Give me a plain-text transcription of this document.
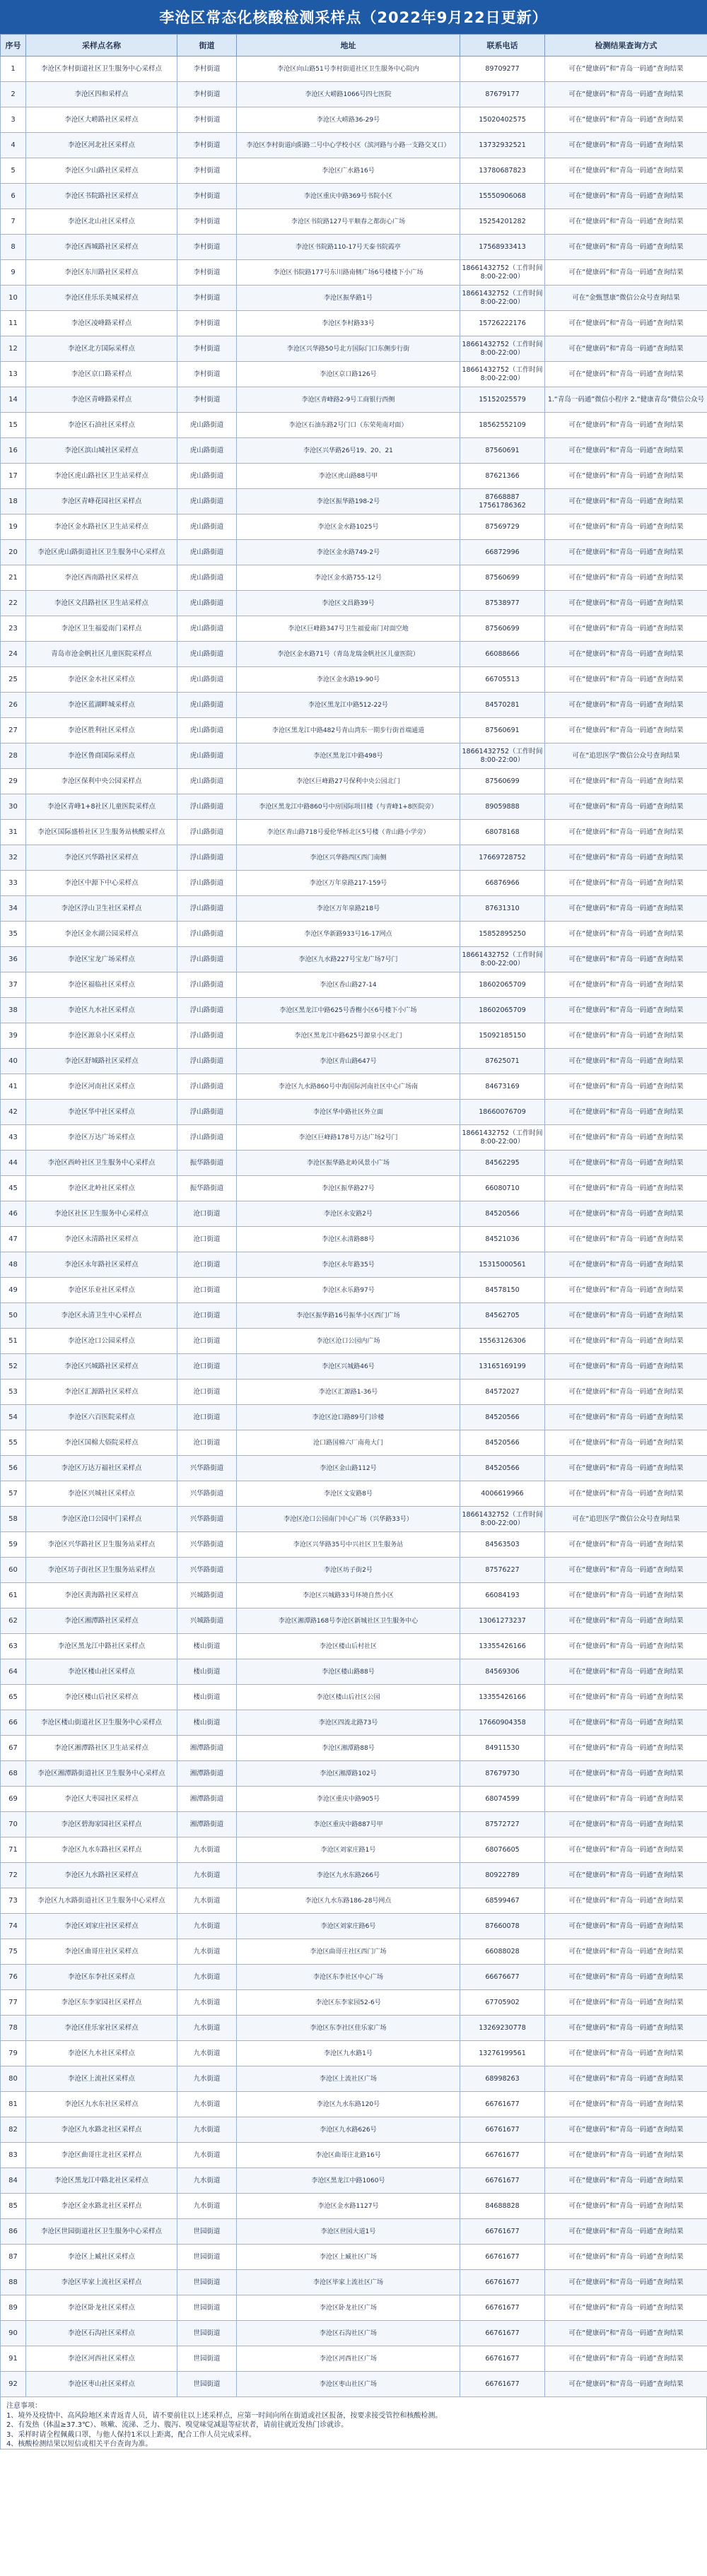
李沧区常态化核酸检测采样点（2022年9月22日更新）
序号	采样点名称	街道	地址	联系电话	检测结果查询方式
1	李沧区李村街道社区卫生服务中心采样点	李村街道	李沧区向山路51号李村街道社区卫生服务中心院内	89709277	可在“健康码”和“青岛一码通”查询结果
2	李沧区四和采样点	李村街道	李沧区大崂路1066号四七医院	87679177	可在“健康码”和“青岛一码通”查询结果
3	李沧区大崂路社区采样点	李村街道	李沧区大崂路36-29号	15020402575	可在“健康码”和“青岛一码通”查询结果
4	李沧区河北社区采样点	李村街道	李沧区李村街道向阳路二号中心学校小区（滨河路与小路一支路交叉口）	13732932521	可在“健康码”和“青岛一码通”查询结果
5	李沧区少山路社区采样点	李村街道	李沧区广水路16号	13780687823	可在“健康码”和“青岛一码通”查询结果
6	李沧区书院路社区采样点	李村街道	李沧区重庆中路369号书院小区	15550906068	可在“健康码”和“青岛一码通”查询结果
7	李沧区北山社区采样点	李村街道	李沧区书院路127号平顺春之都街心广场	15254201282	可在“健康码”和“青岛一码通”查询结果
8	李沧区西城路社区采样点	李村街道	李沧区书院路110-17号天泰书院霞亭	17568933413	可在“健康码”和“青岛一码通”查询结果
9	李沧区东川路社区采样点	李村街道	李沧区书院路177号东川路南侧广场6号楼楼下小广场	18661432752（工作时间8:00-22:00）	可在“健康码”和“青岛一码通”查询结果
10	李沧区佳乐乐美城采样点	李村街道	李沧区振华路1号	18661432752（工作时间8:00-22:00）	可在“金甄慧康”微信公众号查询结果
11	李沧区凌峰路采样点	李村街道	李沧区李村路33号	15726222176	可在“健康码”和“青岛一码通”查询结果
12	李沧区北方国际采样点	李村街道	李沧区兴华路50号北方国际门口东侧步行街	18661432752（工作时间8:00-22:00）	可在“健康码”和“青岛一码通”查询结果
13	李沧区京口路采样点	李村街道	李沧区京口路126号	18661432752（工作时间8:00-22:00）	可在“健康码”和“青岛一码通”查询结果
14	李沧区青峰路采样点	李村街道	李沧区青峰路2-9号工商银行西侧	15152025579	1.“青岛一码通”微信小程序 2.“健康青岛”微信公众号
15	李沧区石油社区采样点	虎山路街道	李沧区石油东路2号门口（东荣苑南对面）	18562552109	可在“健康码”和“青岛一码通”查询结果
16	李沧区滨山城社区采样点	虎山路街道	李沧区兴华路26号19、20、21	87560691	可在“健康码”和“青岛一码通”查询结果
17	李沧区虎山路社区卫生站采样点	虎山路街道	李沧区虎山路88号甲	87621366	可在“健康码”和“青岛一码通”查询结果
18	李沧区青峰花园社区采样点	虎山路街道	李沧区振华路198-2号	87668887 17561786362	可在“健康码”和“青岛一码通”查询结果
19	李沧区金水路社区卫生站采样点	虎山路街道	李沧区金水路1025号	87569729	可在“健康码”和“青岛一码通”查询结果
20	李沧区虎山路街道社区卫生服务中心采样点	虎山路街道	李沧区金水路749-2号	66872996	可在“健康码”和“青岛一码通”查询结果
21	李沧区西南路社区采样点	虎山路街道	李沧区金水路755-12号	87560699	可在“健康码”和“青岛一码通”查询结果
22	李沧区文昌路社区卫生站采样点	虎山路街道	李沧区文昌路39号	87538977	可在“健康码”和“青岛一码通”查询结果
23	李沧区卫生福爱南门采样点	虎山路街道	李沧区巨峰路347号卫生福爱南门对面空地	87560699	可在“健康码”和“青岛一码通”查询结果
24	青岛市沧金帆社区儿童医院采样点	虎山路街道	李沧区金水路71号（青岛龙瑞金帆社区儿童医院）	66088666	可在“健康码”和“青岛一码通”查询结果
25	李沧区金水社区采样点	虎山路街道	李沧区金水路19-90号	66705513	可在“健康码”和“青岛一码通”查询结果
26	李沧区蓝湖畔城采样点	虎山路街道	李沧区黑龙江中路512-22号	84570281	可在“健康码”和“青岛一码通”查询结果
27	李沧区胜利社区采样点	虎山路街道	李沧区黑龙江中路482号青山湾东一期步行街首端通道	87560691	可在“健康码”和“青岛一码通”查询结果
28	李沧区鲁商国际采样点	虎山路街道	李沧区黑龙江中路498号	18661432752（工作时间8:00-22:00）	可在“追思医学”微信公众号查询结果
29	李沧区保利中央公园采样点	虎山路街道	李沧区巨峰路27号保利中央公园北门	87560699	可在“健康码”和“青岛一码通”查询结果
30	李沧区青峰1+8社区儿童医院采样点	浮山路街道	李沧区黑龙江中路860号中房国际项目楼（与青峰1+8医院旁）	89059888	可在“健康码”和“青岛一码通”查询结果
31	李沧区国际盛桥社区卫生服务站核酸采样点	浮山路街道	李沧区青山路718号爱伦华桥北区5号楼（青山路小学旁）	68078168	可在“健康码”和“青岛一码通”查询结果
32	李沧区兴华路社区采样点	浮山路街道	李沧区兴华路西区西门南侧	17669728752	可在“健康码”和“青岛一码通”查询结果
33	李沧区中源下中心采样点	浮山路街道	李沧区万年泉路217-159号	66876966	可在“健康码”和“青岛一码通”查询结果
34	李沧区浮山卫生社区采样点	浮山路街道	李沧区万年泉路218号	87631310	可在“健康码”和“青岛一码通”查询结果
35	李沧区金水湖公园采样点	浮山路街道	李沧区华新路933号16-17网点	15852895250	可在“健康码”和“青岛一码通”查询结果
36	李沧区宝龙广场采样点	浮山路街道	李沧区九水路227号宝龙广场7号门	18661432752（工作时间8:00-22:00）	可在“健康码”和“青岛一码通”查询结果
37	李沧区福临社区采样点	浮山路街道	李沧区香山路27-14	18602065709	可在“健康码”和“青岛一码通”查询结果
38	李沧区九水社区采样点	浮山路街道	李沧区黑龙江中路625号香榭小区6号楼下小广场	18602065709	可在“健康码”和“青岛一码通”查询结果
39	李沧区源泉小区采样点	浮山路街道	李沧区黑龙江中路625号源泉小区北门	15092185150	可在“健康码”和“青岛一码通”查询结果
40	李沧区舒城路社区采样点	浮山路街道	李沧区青山路647号	87625071	可在“健康码”和“青岛一码通”查询结果
41	李沧区河南社区采样点	浮山路街道	李沧区九水路860号中海国际河南社区中心广场南	84673169	可在“健康码”和“青岛一码通”查询结果
42	李沧区华中社区采样点	浮山路街道	李沧区华中路社区外立面	18660076709	可在“健康码”和“青岛一码通”查询结果
43	李沧区万达广场采样点	浮山路街道	李沧区巨峰路178号万达广场2号门	18661432752（工作时间8:00-22:00）	可在“健康码”和“青岛一码通”查询结果
44	李沧区西岭社区卫生服务中心采样点	振华路街道	李沧区振华路北岭风景小广场	84562295	可在“健康码”和“青岛一码通”查询结果
45	李沧区北岭社区采样点	振华路街道	李沧区振华路27号	66080710	可在“健康码”和“青岛一码通”查询结果
46	李沧区社区卫生服务中心采样点	沧口街道	李沧区永安路2号	84520566	可在“健康码”和“青岛一码通”查询结果
47	李沧区永清路社区采样点	沧口街道	李沧区永清路88号	84521036	可在“健康码”和“青岛一码通”查询结果
48	李沧区永年路社区采样点	沧口街道	李沧区永年路35号	15315000561	可在“健康码”和“青岛一码通”查询结果
49	李沧区乐业社区采样点	沧口街道	李沧区永乐路97号	84578150	可在“健康码”和“青岛一码通”查询结果
50	李沧区永清卫生中心采样点	沧口街道	李沧区振华路16号振华小区西门广场	84562705	可在“健康码”和“青岛一码通”查询结果
51	李沧区沧口公园采样点	沧口街道	李沧区沧口公园内广场	15563126306	可在“健康码”和“青岛一码通”查询结果
52	李沧区兴城路社区采样点	沧口街道	李沧区兴城路46号	13165169199	可在“健康码”和“青岛一码通”查询结果
53	李沧区汇源路社区采样点	沧口街道	李沧区汇源路1-36号	84572027	可在“健康码”和“青岛一码通”查询结果
54	李沧区六百医院采样点	沧口街道	李沧区沧口路89号门诊楼	84520566	可在“健康码”和“青岛一码通”查询结果
55	李沧区国棉大俗院采样点	沧口街道	沧口路国棉六厂南苑大门	84520566	可在“健康码”和“青岛一码通”查询结果
56	李沧区万达万福社区采样点	兴华路街道	李沧区金山路112号	84520566	可在“健康码”和“青岛一码通”查询结果
57	李沧区兴城社区采样点	兴华路街道	李沧区文安路8号	4006619966	可在“健康码”和“青岛一码通”查询结果
58	李沧区沧口公园中门采样点	兴华路街道	李沧区沧口公园南门中心广场（兴华路33号）	18661432752（工作时间8:00-22:00）	可在“追思医学”微信公众号查询结果
59	李沧区兴华路社区卫生服务站采样点	兴华路街道	李沧区兴华路35号中兴社区卫生服务站	84563503	可在“健康码”和“青岛一码通”查询结果
60	李沧区坊子街社区卫生服务站采样点	兴华路街道	李沧区坊子街2号	87576227	可在“健康码”和“青岛一码通”查询结果
61	李沧区黄海路社区采样点	兴城路街道	李沧区兴城路33号环境自然小区	66084193	可在“健康码”和“青岛一码通”查询结果
62	李沧区湘潭路社区采样点	兴城路街道	李沧区湘潭路168号李沧区新城社区卫生服务中心	13061273237	可在“健康码”和“青岛一码通”查询结果
63	李沧区黑龙江中路社区采样点	楼山街道	李沧区楼山后村社区	13355426166	可在“健康码”和“青岛一码通”查询结果
64	李沧区楼山社区采样点	楼山街道	李沧区楼山路88号	84569306	可在“健康码”和“青岛一码通”查询结果
65	李沧区楼山后社区采样点	楼山街道	李沧区楼山后社区公园	13355426166	可在“健康码”和“青岛一码通”查询结果
66	李沧区楼山街道社区卫生服务中心采样点	楼山街道	李沧区四流北路73号	17660904358	可在“健康码”和“青岛一码通”查询结果
67	李沧区湘潭路社区卫生站采样点	湘潭路街道	李沧区湘潭路88号	84911530	可在“健康码”和“青岛一码通”查询结果
68	李沧区湘潭路街道社区卫生服务中心采样点	湘潭路街道	李沧区湘潭路102号	87679730	可在“健康码”和“青岛一码通”查询结果
69	李沧区大枣园社区采样点	湘潭路街道	李沧区重庆中路905号	68074599	可在“健康码”和“青岛一码通”查询结果
70	李沧区碧海家园社区采样点	湘潭路街道	李沧区重庆中路887号甲	87572727	可在“健康码”和“青岛一码通”查询结果
71	李沧区九水东路社区采样点	九水街道	李沧区刘家庄路1号	68076605	可在“健康码”和“青岛一码通”查询结果
72	李沧区九水路社区采样点	九水街道	李沧区九水东路266号	80922789	可在“健康码”和“青岛一码通”查询结果
73	李沧区九水路街道社区卫生服务中心采样点	九水街道	李沧区九水东路186-28号网点	68599467	可在“健康码”和“青岛一码通”查询结果
74	李沧区刘家庄社区采样点	九水街道	李沧区刘家庄路6号	87660078	可在“健康码”和“青岛一码通”查询结果
75	李沧区曲哥庄社区采样点	九水街道	李沧区曲哥庄社区西门广场	66088028	可在“健康码”和“青岛一码通”查询结果
76	李沧区东李社区采样点	九水街道	李沧区东李社区中心广场	66676677	可在“健康码”和“青岛一码通”查询结果
77	李沧区东李家园社区采样点	九水街道	李沧区东李家园52-6号	67705902	可在“健康码”和“青岛一码通”查询结果
78	李沧区佳乐家社区采样点	九水街道	李沧区东李社区佳乐家广场	13269230778	可在“健康码”和“青岛一码通”查询结果
79	李沧区九水社区采样点	九水街道	李沧区九水路1号	13276199561	可在“健康码”和“青岛一码通”查询结果
80	李沧区上流社区采样点	九水街道	李沧区上流社区广场	68998263	可在“健康码”和“青岛一码通”查询结果
81	李沧区九水东社区采样点	九水街道	李沧区九水东路120号	66761677	可在“健康码”和“青岛一码通”查询结果
82	李沧区九水路北社区采样点	九水街道	李沧区九水路626号	66761677	可在“健康码”和“青岛一码通”查询结果
83	李沧区曲哥庄北社区采样点	九水街道	李沧区曲哥庄北路16号	66761677	可在“健康码”和“青岛一码通”查询结果
84	李沧区黑龙江中路北社区采样点	九水街道	李沧区黑龙江中路1060号	66761677	可在“健康码”和“青岛一码通”查询结果
85	李沧区金水路北社区采样点	九水街道	李沧区金水路1127号	84688828	可在“健康码”和“青岛一码通”查询结果
86	李沧区世园街道社区卫生服务中心采样点	世园街道	李沧区世园大道1号	66761677	可在“健康码”和“青岛一码通”查询结果
87	李沧区上臧社区采样点	世园街道	李沧区上臧社区广场	66761677	可在“健康码”和“青岛一码通”查询结果
88	李沧区毕家上流社区采样点	世园街道	李沧区毕家上流社区广场	66761677	可在“健康码”和“青岛一码通”查询结果
89	李沧区卧龙社区采样点	世园街道	李沧区卧龙社区广场	66761677	可在“健康码”和“青岛一码通”查询结果
90	李沧区石沟社区采样点	世园街道	李沧区石沟社区广场	66761677	可在“健康码”和“青岛一码通”查询结果
91	李沧区河西社区采样点	世园街道	李沧区河西社区广场	66761677	可在“健康码”和“青岛一码通”查询结果
92	李沧区枣山社区采样点	世园街道	李沧区枣山社区广场	66761677	可在“健康码”和“青岛一码通”查询结果
注意事项：
1、境外及疫情中、高风险地区来青返青人员，请不要前往以上述采样点，应第一时间向所在街道或社区报备，按要求接受管控和核酸检测。
2、有发热（体温≥37.3℃）、咳嗽、流涕、乏力、腹泻、嗅觉味觉减退等症状者，请前往就近发热门诊就诊。
3、采样时请全程佩戴口罩，与他人保持1米以上距离，配合工作人员完成采样。
4、核酸检测结果以短信或相关平台查询为准。
